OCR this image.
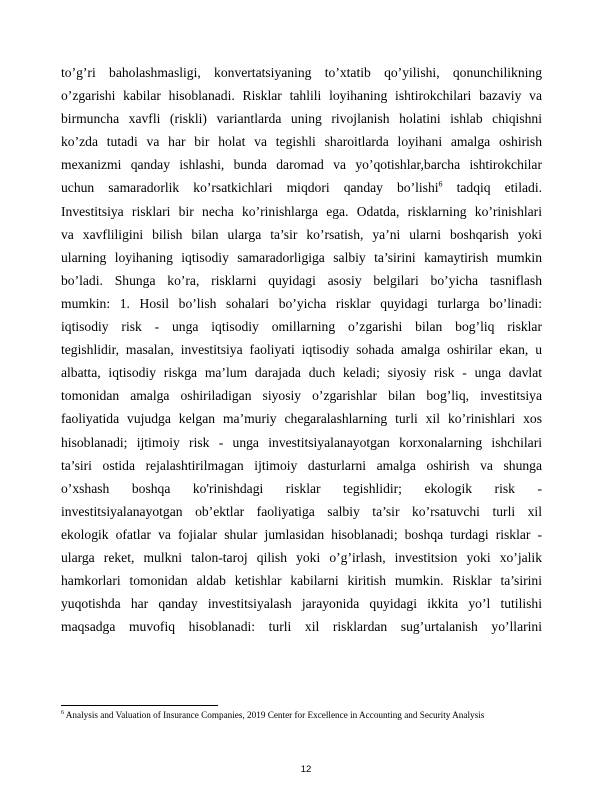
to’g’ri baholashmasligi, konvertatsiyaning to’xtatib qo’yilishi, qonunchilikning
o’zgarishi kabilar hisoblanadi. Risklar tahlili loyihaning ishtirokchilari bazaviy va
birmuncha xavfli (riskli) variantlarda uning rivojlanish holatini ishlab chiqishni
ko’zda tutadi va har bir holat va tegishli sharoitlarda loyihani amalga oshirish
mexanizmi qanday ishlashi, bunda daromad va yo’qotishlar,barcha ishtirokchilar
uchun samaradorlik ko’rsatkichlari miqdori qanday bo’lishi$^6$ tadqiq etiladi.
Investitsiya risklari bir necha ko’rinishlarga ega. Odatda, risklarning ko’rinishlari
va xavfliligini bilish bilan ularga ta’sir ko’rsatish, ya’ni ularni boshqarish yoki
ularning loyihaning iqtisodiy samaradorligiga salbiy ta’sirini kamaytirish mumkin
bo’ladi. Shunga ko’ra, risklarni quyidagi asosiy belgilari bo’yicha tasniflash
mumkin: 1. Hosil bo’lish sohalari bo’yicha risklar quyidagi turlarga bo’linadi:
iqtisodiy risk - unga iqtisodiy omillarning o’zgarishi bilan bog’liq risklar
tegishlidir, masalan, investitsiya faoliyati iqtisodiy sohada amalga oshirilar ekan, u
albatta, iqtisodiy riskga ma’lum darajada duch keladi; siyosiy risk - unga davlat
tomonidan amalga oshiriladigan siyosiy o’zgarishlar bilan bog’liq, investitsiya
faoliyatida vujudga kelgan ma’muriy chegaralashlarning turli xil ko’rinishlari xos
hisoblanadi; ijtimoiy risk - unga investitsiyalanayotgan korxonalarning ishchilari
ta’siri ostida rejalashtirilmagan ijtimoiy dasturlarni amalga oshirish va shunga
o’xshash boshqa ko'rinishdagi risklar tegishlidir; ekologik risk -
investitsiyalanayotgan ob’ektlar faoliyatiga salbiy ta’sir ko’rsatuvchi turli xil
ekologik ofatlar va fojialar shular jumlasidan hisoblanadi; boshqa turdagi risklar -
ularga reket, mulkni talon-taroj qilish yoki o’g’irlash, investitsion yoki xo’jalik
hamkorlari tomonidan aldab ketishlar kabilarni kiritish mumkin. Risklar ta’sirini
yuqotishda har qanday investitsiyalash jarayonida quyidagi ikkita yo’l tutilishi
maqsadga muvofiq hisoblanadi: turli xil risklardan sug’urtalanish yo’llarini
$^6$ Analysis and Valuation of Insurance Companies, 2019 Center for Excellence in Accounting and Security Analysis
12
